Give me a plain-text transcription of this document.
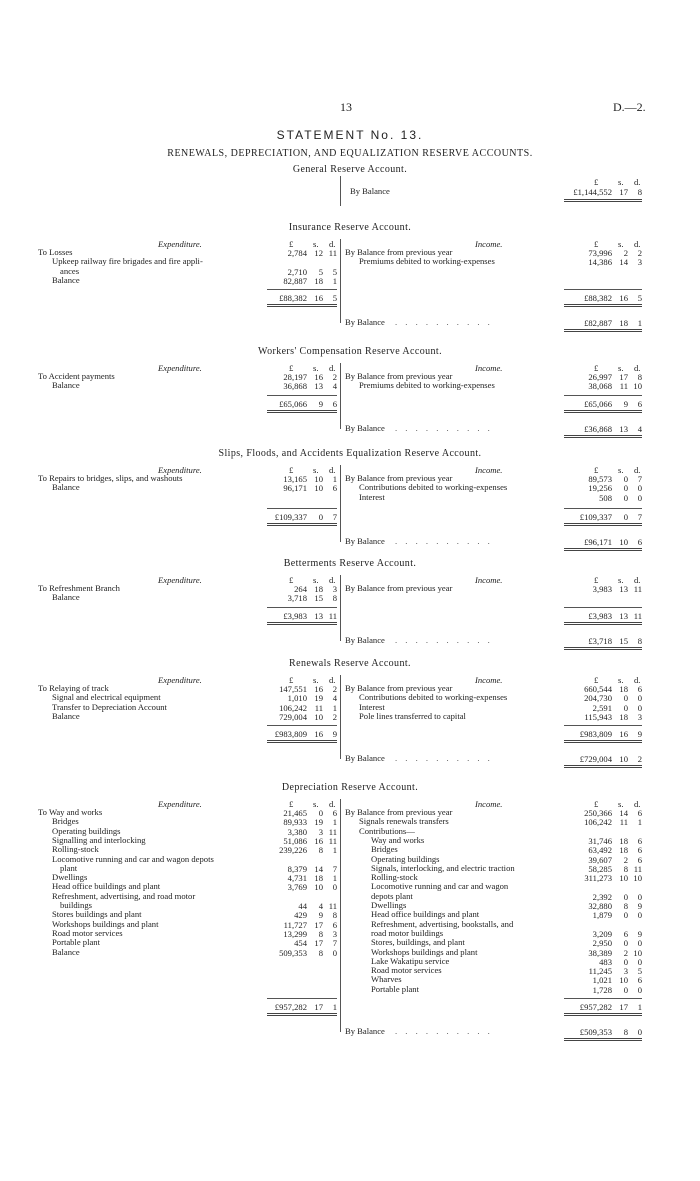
13	D.—2.
STATEMENT No. 13.
RENEWALS, DEPRECIATION, AND EQUALIZATION RESERVE ACCOUNTS.
General Reserve Account.
£ s. d.
By Balance	£1,144,552 17 8
Insurance Reserve Account.
Expenditure.	Income.
£ s. d.	£ s. d.
To Losses	2,784 12 11
Upkeep railway fire brigades and fire appli-
ances	2,710 5 5
Balance	82,887 18 1
By Balance from previous year	73,996 2 2
Premiums debited to working-expenses	14,386 14 3
£88,382 16 5	£88,382 16 5
By Balance . . . . . . . . . .	£82,887 18 1
Workers' Compensation Reserve Account.
Expenditure.	Income.
£ s. d.	£ s. d.
To Accident payments	28,197 16 2
Balance	36,868 13 4
By Balance from previous year	26,997 17 8
Premiums debited to working-expenses	38,068 11 10
£65,066 9 6	£65,066 9 6
By Balance . . . . . . . . . .	£36,868 13 4
Slips, Floods, and Accidents Equalization Reserve Account.
Expenditure.	Income.
£ s. d.	£ s. d.
To Repairs to bridges, slips, and washouts	13,165 10 1
Balance	96,171 10 6
By Balance from previous year	89,573 0 7
Contributions debited to working-expenses	19,256 0 0
Interest	508 0 0
£109,337 0 7	£109,337 0 7
By Balance . . . . . . . . . .	£96,171 10 6
Betterments Reserve Account.
Expenditure.	Income.
£ s. d.	£ s. d.
To Refreshment Branch	264 18 3
Balance	3,718 15 8
By Balance from previous year	3,983 13 11
£3,983 13 11	£3,983 13 11
By Balance . . . . . . . . . .	£3,718 15 8
Renewals Reserve Account.
Expenditure.	Income.
£ s. d.	£ s. d.
To Relaying of track	147,551 16 2
Signal and electrical equipment	1,010 19 4
Transfer to Depreciation Account	106,242 11 1
Balance	729,004 10 2
By Balance from previous year	660,544 18 6
Contributions debited to working-expenses	204,730 0 0
Interest	2,591 0 0
Pole lines transferred to capital	115,943 18 3
£983,809 16 9	£983,809 16 9
By Balance . . . . . . . . . .	£729,004 10 2
Depreciation Reserve Account.
Expenditure.	Income.
£ s. d.	£ s. d.
To Way and works	21,465 0 6
Bridges	89,933 19 1
Operating buildings	3,380 3 11
Signalling and interlocking	51,086 16 11
Rolling-stock	239,226 8 1
Locomotive running and car and wagon depots
plant	8,379 14 7
Dwellings	4,731 18 1
Head office buildings and plant	3,769 10 0
Refreshment, advertising, and road motor
buildings	44 4 11
Stores buildings and plant	429 9 8
Workshops buildings and plant	11,727 17 6
Road motor services	13,299 8 3
Portable plant	454 17 7
Balance	509,353 8 0
By Balance from previous year	250,366 14 6
Signals renewals transfers	106,242 11 1
Contributions—
Way and works	31,746 18 6
Bridges	63,492 18 6
Operating buildings	39,607 2 6
Signals, interlocking, and electric traction	58,285 8 11
Rolling-stock	311,273 10 10
Locomotive running and car and wagon
depots plant	2,392 0 0
Dwellings	32,880 8 9
Head office buildings and plant	1,879 0 0
Refreshment, advertising, bookstalls, and
road motor buildings	3,209 6 9
Stores, buildings, and plant	2,950 0 0
Workshops buildings and plant	38,389 2 10
Lake Wakatipu service	483 0 0
Road motor services	11,245 3 5
Wharves	1,021 10 6
Portable plant	1,728 0 0
£957,282 17 1	£957,282 17 1
By Balance . . . . . . . . . .	£509,353 8 0
